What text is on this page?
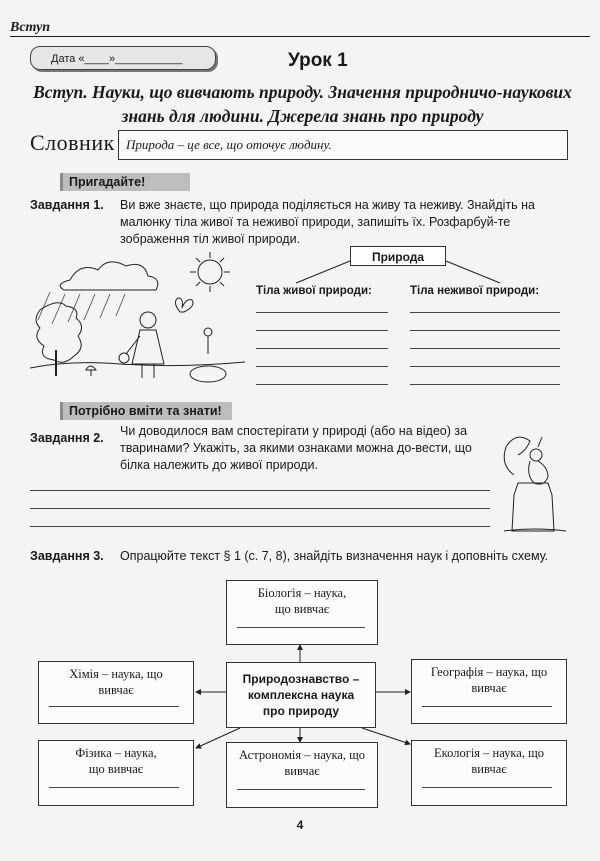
Вступ
Дата «____»___________	Урок 1
Вступ. Науки, що вивчають природу. Значення природничо-наукових знань для людини. Джерела знань про природу
Словник Природа – це все, що оточує людину.
Пригадайте!
Завдання 1. Ви вже знаєте, що природа поділяється на живу та неживу. Знайдіть на малюнку тіла живої та неживої природи, запишіть їх. Розфарбуй-те зображення тіл живої природи.
Природа
Тіла живої природи:	Тіла неживої природи:
Потрібно вміти та знати!
Завдання 2. Чи доводилося вам спостерігати у природі (або на відео) за тваринами? Укажіть, за якими ознаками можна до-вести, що білка належить до живої природи.
Завдання 3. Опрацюйте текст § 1 (с. 7, 8), знайдіть визначення наук і доповніть схему.
Біологія – наука, що вивчає
Хімія – наука, що вивчає
Природознавство – комплексна наука про природу
Географія – наука, що вивчає
Фізика – наука, що вивчає
Астрономія – наука, що вивчає
Екологія – наука, що вивчає
4
